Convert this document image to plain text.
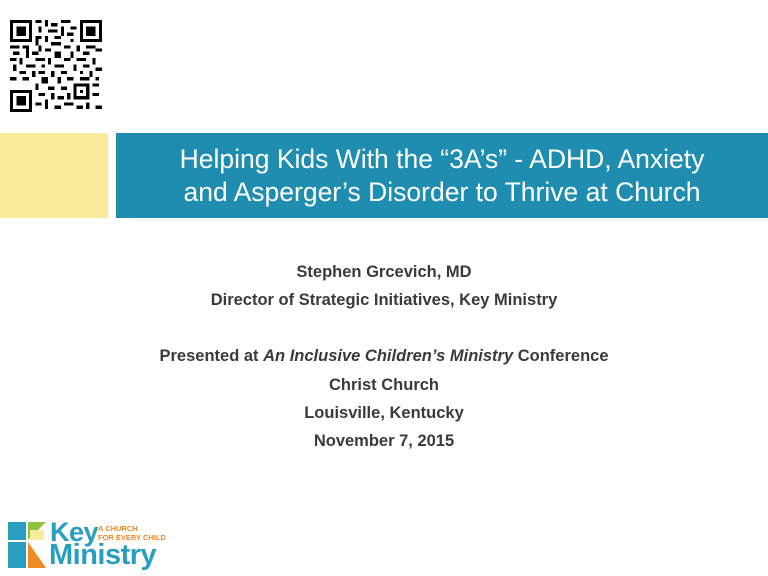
Helping Kids With the “3A’s” - ADHD, Anxiety
and Asperger’s Disorder to Thrive at Church
Stephen Grcevich, MD
Director of Strategic Initiatives, Key Ministry
Presented at An Inclusive Children’s Ministry Conference
Christ Church
Louisville, Kentucky
November 7, 2015
Key A CHURCH
FOR EVERY CHILD
Ministry
